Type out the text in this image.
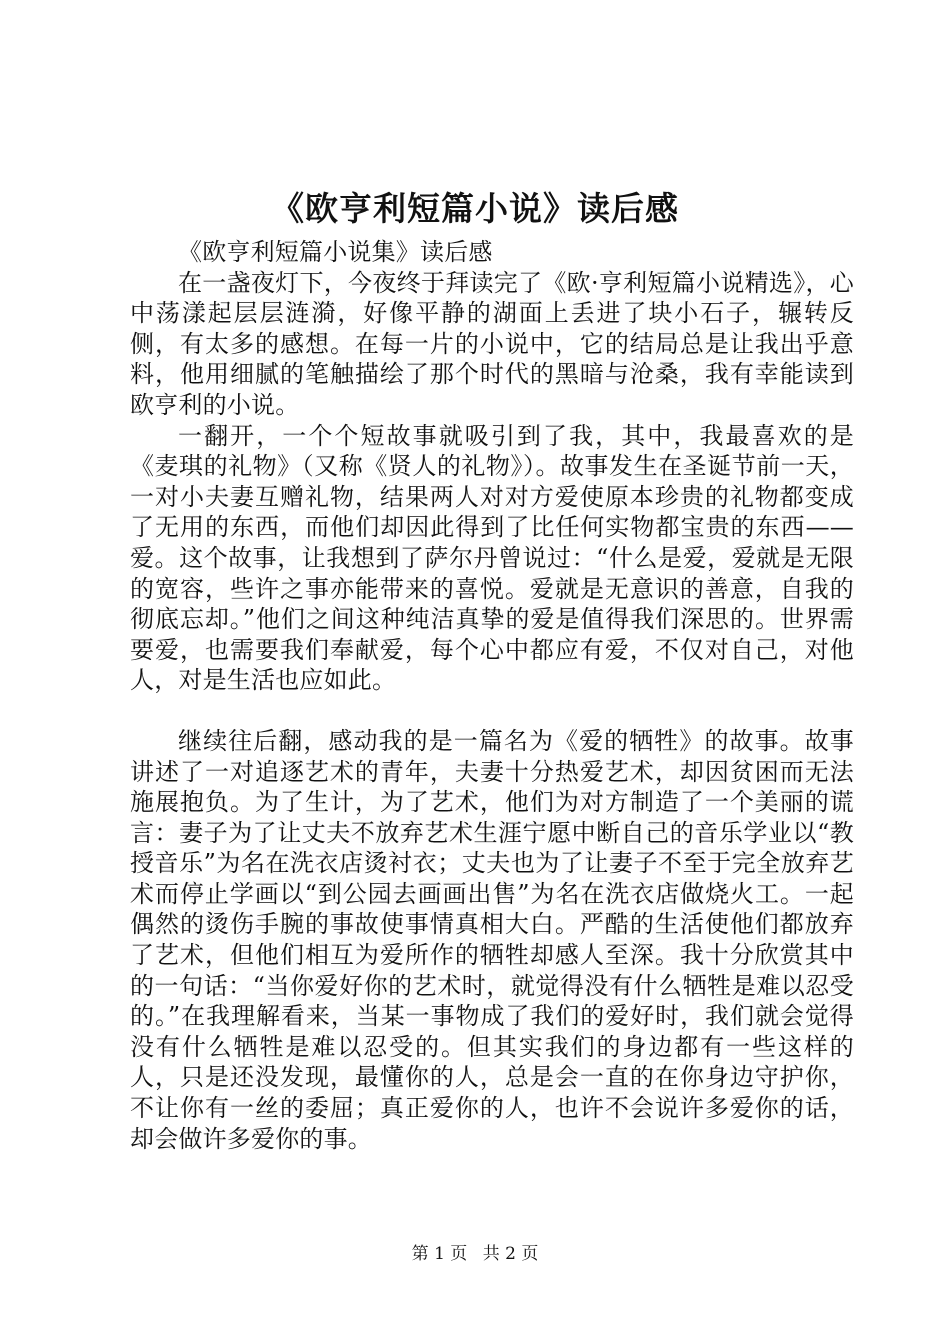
《欧亨利短篇小说》读后感

《欧亨利短篇小说集》读后感

在一盏夜灯下，今夜终于拜读完了《欧·亨利短篇小说精选》，心中荡漾起层层涟漪，好像平静的湖面上丢进了块小石子，辗转反侧，有太多的感想。在每一片的小说中，它的结局总是让我出乎意料，他用细腻的笔触描绘了那个时代的黑暗与沧桑，我有幸能读到欧亨利的小说。

一翻开，一个个短故事就吸引到了我，其中，我最喜欢的是《麦琪的礼物》（又称《贤人的礼物》）。故事发生在圣诞节前一天，一对小夫妻互赠礼物，结果两人对对方爱使原本珍贵的礼物都变成了无用的东西，而他们却因此得到了比任何实物都宝贵的东西——爱。这个故事，让我想到了萨尔丹曾说过：“什么是爱，爱就是无限的宽容，些许之事亦能带来的喜悦。爱就是无意识的善意，自我的彻底忘却。”他们之间这种纯洁真挚的爱是值得我们深思的。世界需要爱，也需要我们奉献爱，每个心中都应有爱，不仅对自己，对他人，对是生活也应如此。

继续往后翻，感动我的是一篇名为《爱的牺牲》的故事。故事讲述了一对追逐艺术的青年，夫妻十分热爱艺术，却因贫困而无法施展抱负。为了生计，为了艺术，他们为对方制造了一个美丽的谎言：妻子为了让丈夫不放弃艺术生涯宁愿中断自己的音乐学业以“教授音乐”为名在洗衣店烫衬衣；丈夫也为了让妻子不至于完全放弃艺术而停止学画以“到公园去画画出售”为名在洗衣店做烧火工。一起偶然的烫伤手腕的事故使事情真相大白。严酷的生活使他们都放弃了艺术，但他们相互为爱所作的牺牲却感人至深。我十分欣赏其中的一句话：“当你爱好你的艺术时，就觉得没有什么牺牲是难以忍受的。”在我理解看来，当某一事物成了我们的爱好时，我们就会觉得没有什么牺牲是难以忍受的。但其实我们的身边都有一些这样的人，只是还没发现，最懂你的人，总是会一直的在你身边守护你，不让你有一丝的委屈；真正爱你的人，也许不会说许多爱你的话，却会做许多爱你的事。

第 1 页 共 2 页
